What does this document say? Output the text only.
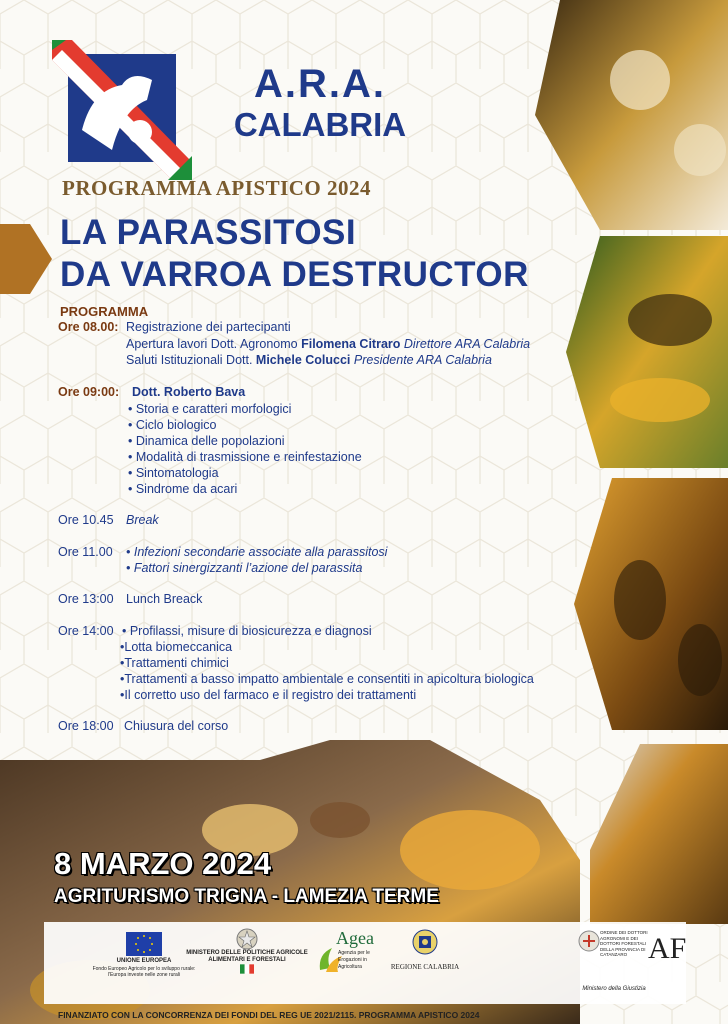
A.R.A.
CALABRIA
PROGRAMMA APISTICO 2024
LA PARASSITOSI
DA VARROA DESTRUCTOR
PROGRAMMA
Ore 08.00: Registrazione dei partecipanti
Apertura lavori Dott. Agronomo Filomena Citraro Direttore ARA Calabria
Saluti Istituzionali Dott. Michele Colucci Presidente ARA Calabria
Ore 09:00: Dott. Roberto Bava
• Storia e caratteri morfologici
• Ciclo biologico
• Dinamica delle popolazioni
• Modalità di trasmissione e reinfestazione
• Sintomatologia
• Sindrome da acari
Ore 10.45 Break
Ore 11.00 • Infezioni secondarie associate alla parassitosi
• Fattori sinergizzanti l’azione del parassita
Ore 13:00 Lunch Breack
Ore 14:00 • Profilassi, misure di biosicurezza e diagnosi
•Lotta biomeccanica
•Trattamenti chimici
•Trattamenti a basso impatto ambientale e consentiti in apicoltura biologica
•Il corretto uso del farmaco e il registro dei trattamenti
Ore 18:00 Chiusura del corso
8 MARZO 2024
AGRITURISMO TRIGNA - LAMEZIA TERME
UNIONE EUROPEA
Fondo Europeo Agricolo per lo sviluppo rurale: l'Europa investe nelle zone rurali
MINISTERO DELLE POLITICHE AGRICOLE ALIMENTARI E FORESTALI
Agea
Agenzia per le Erogazioni in Agricoltura	REGIONE CALABRIA
ORDINE DEI DOTTORI AGRONOMI E DEI DOTTORI FORESTALI DELLA PROVINCIA DI CATANZARO AF
Ministero della Giustizia
FINANZIATO CON LA CONCORRENZA DEI FONDI DEL REG UE 2021/2115. PROGRAMMA APISTICO 2024
